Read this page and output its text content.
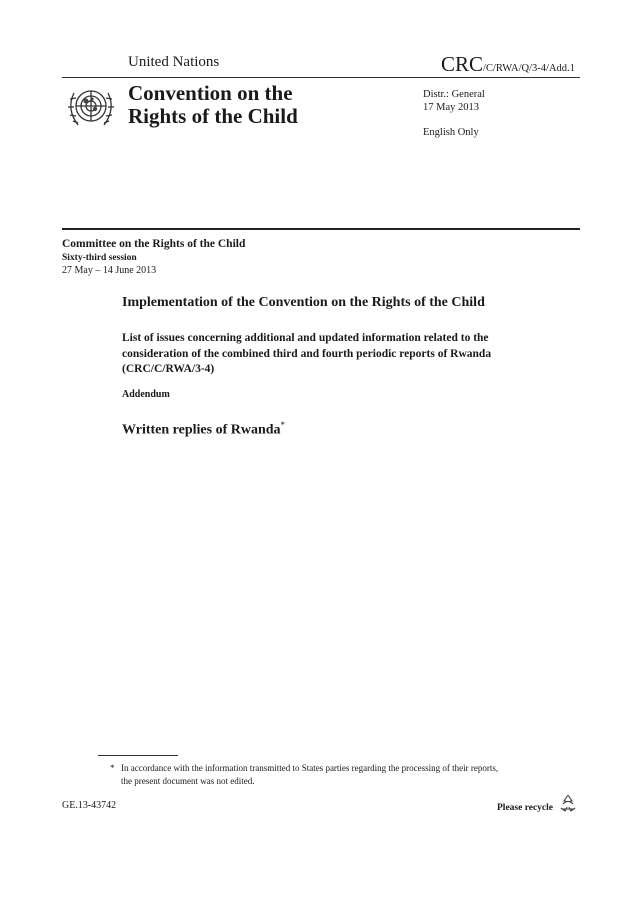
United Nations	CRC/C/RWA/Q/3-4/Add.1
Convention on the
Rights of the Child
Distr.: General
17 May 2013
English Only
Committee on the Rights of the Child
Sixty-third session
27 May – 14 June 2013
Implementation of the Convention on the Rights of the Child
List of issues concerning additional and updated information related to the consideration of the combined third and fourth periodic reports of Rwanda (CRC/C/RWA/3-4)
Addendum
Written replies of Rwanda*
* In accordance with the information transmitted to States parties regarding the processing of their reports, the present document was not edited.
GE.13-43742	Please recycle
